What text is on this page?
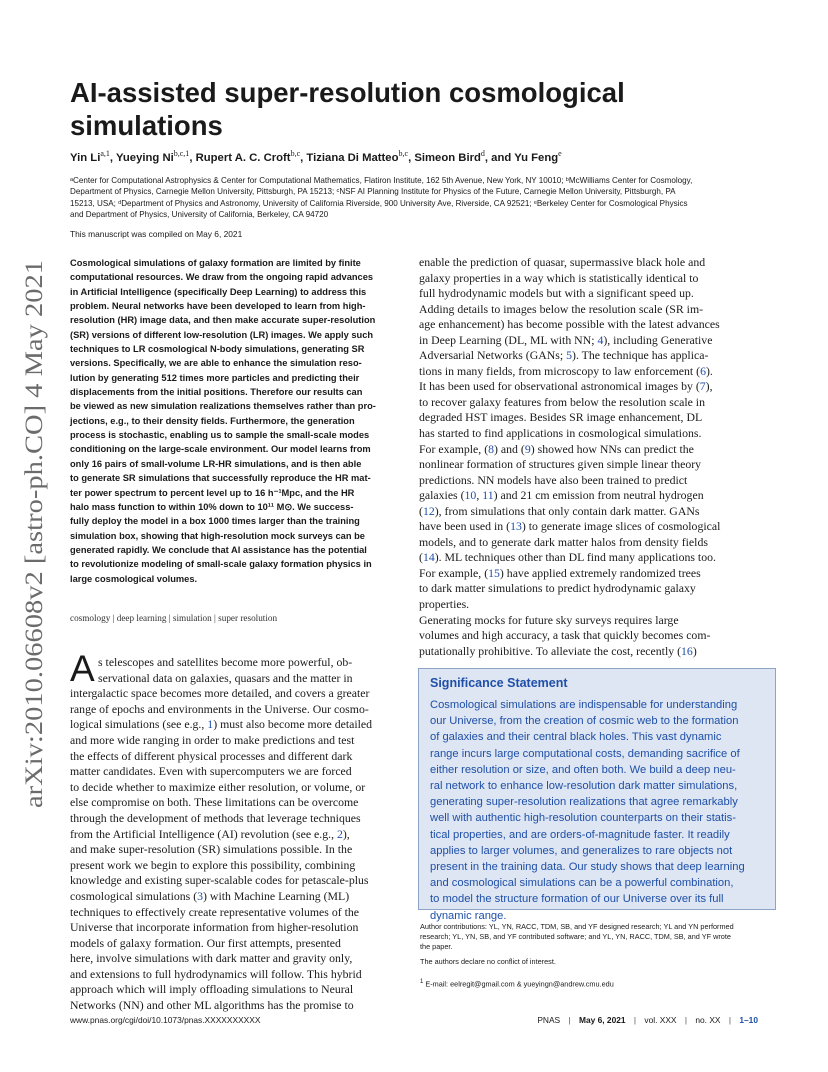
arXiv:2010.06608v2 [astro-ph.CO] 4 May 2021
AI-assisted super-resolution cosmological
simulations
Yin Li$^{a,1}$, Yueying Ni$^{b,c,1}$, Rupert A. C. Croft$^{b,c}$, Tiziana Di Matteo$^{b,c}$, Simeon Bird$^d$, and Yu Feng$^e$
ᵃCenter for Computational Astrophysics & Center for Computational Mathematics, Flatiron Institute, 162 5th Avenue, New York, NY 10010; ᵇMcWilliams Center for Cosmology,
Department of Physics, Carnegie Mellon University, Pittsburgh, PA 15213; ᶜNSF AI Planning Institute for Physics of the Future, Carnegie Mellon University, Pittsburgh, PA
15213, USA; ᵈDepartment of Physics and Astronomy, University of California Riverside, 900 University Ave, Riverside, CA 92521; ᵉBerkeley Center for Cosmological Physics
and Department of Physics, University of California, Berkeley, CA 94720
This manuscript was compiled on May 6, 2021
Cosmological simulations of galaxy formation are limited by finite
computational resources. We draw from the ongoing rapid advances
in Artificial Intelligence (specifically Deep Learning) to address this
problem. Neural networks have been developed to learn from high-
resolution (HR) image data, and then make accurate super-resolution
(SR) versions of different low-resolution (LR) images. We apply such
techniques to LR cosmological N-body simulations, generating SR
versions. Specifically, we are able to enhance the simulation reso-
lution by generating 512 times more particles and predicting their
displacements from the initial positions. Therefore our results can
be viewed as new simulation realizations themselves rather than pro-
jections, e.g., to their density fields. Furthermore, the generation
process is stochastic, enabling us to sample the small-scale modes
conditioning on the large-scale environment. Our model learns from
only 16 pairs of small-volume LR-HR simulations, and is then able
to generate SR simulations that successfully reproduce the HR mat-
ter power spectrum to percent level up to 16 h⁻¹Mpc, and the HR
halo mass function to within 10% down to 10¹¹ M⊙. We success-
fully deploy the model in a box 1000 times larger than the training
simulation box, showing that high-resolution mock surveys can be
generated rapidly. We conclude that AI assistance has the potential
to revolutionize modeling of small-scale galaxy formation physics in
large cosmological volumes.
cosmology | deep learning | simulation | super resolution
A s telescopes and satellites become more powerful, ob-
servational data on galaxies, quasars and the matter in
intergalactic space becomes more detailed, and covers a greater
range of epochs and environments in the Universe. Our cosmo-
logical simulations (see e.g., 1) must also become more detailed
and more wide ranging in order to make predictions and test
the effects of different physical processes and different dark
matter candidates. Even with supercomputers we are forced
to decide whether to maximize either resolution, or volume, or
else compromise on both. These limitations can be overcome
through the development of methods that leverage techniques
from the Artificial Intelligence (AI) revolution (see e.g., 2),
and make super-resolution (SR) simulations possible. In the
present work we begin to explore this possibility, combining
knowledge and existing super-scalable codes for petascale-plus
cosmological simulations (3) with Machine Learning (ML)
techniques to effectively create representative volumes of the
Universe that incorporate information from higher-resolution
models of galaxy formation. Our first attempts, presented
here, involve simulations with dark matter and gravity only,
and extensions to full hydrodynamics will follow. This hybrid
approach which will imply offloading simulations to Neural
Networks (NN) and other ML algorithms has the promise to
enable the prediction of quasar, supermassive black hole and
galaxy properties in a way which is statistically identical to
full hydrodynamic models but with a significant speed up.
Adding details to images below the resolution scale (SR im-
age enhancement) has become possible with the latest advances
in Deep Learning (DL, ML with NN; 4), including Generative
Adversarial Networks (GANs; 5). The technique has applica-
tions in many fields, from microscopy to law enforcement (6).
It has been used for observational astronomical images by (7),
to recover galaxy features from below the resolution scale in
degraded HST images. Besides SR image enhancement, DL
has started to find applications in cosmological simulations.
For example, (8) and (9) showed how NNs can predict the
nonlinear formation of structures given simple linear theory
predictions. NN models have also been trained to predict
galaxies (10, 11) and 21 cm emission from neutral hydrogen
(12), from simulations that only contain dark matter. GANs
have been used in (13) to generate image slices of cosmological
models, and to generate dark matter halos from density fields
(14). ML techniques other than DL find many applications too.
For example, (15) have applied extremely randomized trees
to dark matter simulations to predict hydrodynamic galaxy
properties.
Generating mocks for future sky surveys requires large
volumes and high accuracy, a task that quickly becomes com-
putationally prohibitive. To alleviate the cost, recently (16)
Significance Statement
Cosmological simulations are indispensable for understanding
our Universe, from the creation of cosmic web to the formation
of galaxies and their central black holes. This vast dynamic
range incurs large computational costs, demanding sacrifice of
either resolution or size, and often both. We build a deep neu-
ral network to enhance low-resolution dark matter simulations,
generating super-resolution realizations that agree remarkably
well with authentic high-resolution counterparts on their statis-
tical properties, and are orders-of-magnitude faster. It readily
applies to larger volumes, and generalizes to rare objects not
present in the training data. Our study shows that deep learning
and cosmological simulations can be a powerful combination,
to model the structure formation of our Universe over its full
dynamic range.
Author contributions: YL, YN, RACC, TDM, SB, and YF designed research; YL and YN performed
research; YL, YN, SB, and YF contributed software; and YL, YN, RACC, TDM, SB, and YF wrote
the paper.
The authors declare no conflict of interest.
$^1$ E-mail: eelregit@gmail.com & yueyingn@andrew.cmu.edu
www.pnas.org/cgi/doi/10.1073/pnas.XXXXXXXXXX	PNAS | May 6, 2021 | vol. XXX | no. XX | 1–10
